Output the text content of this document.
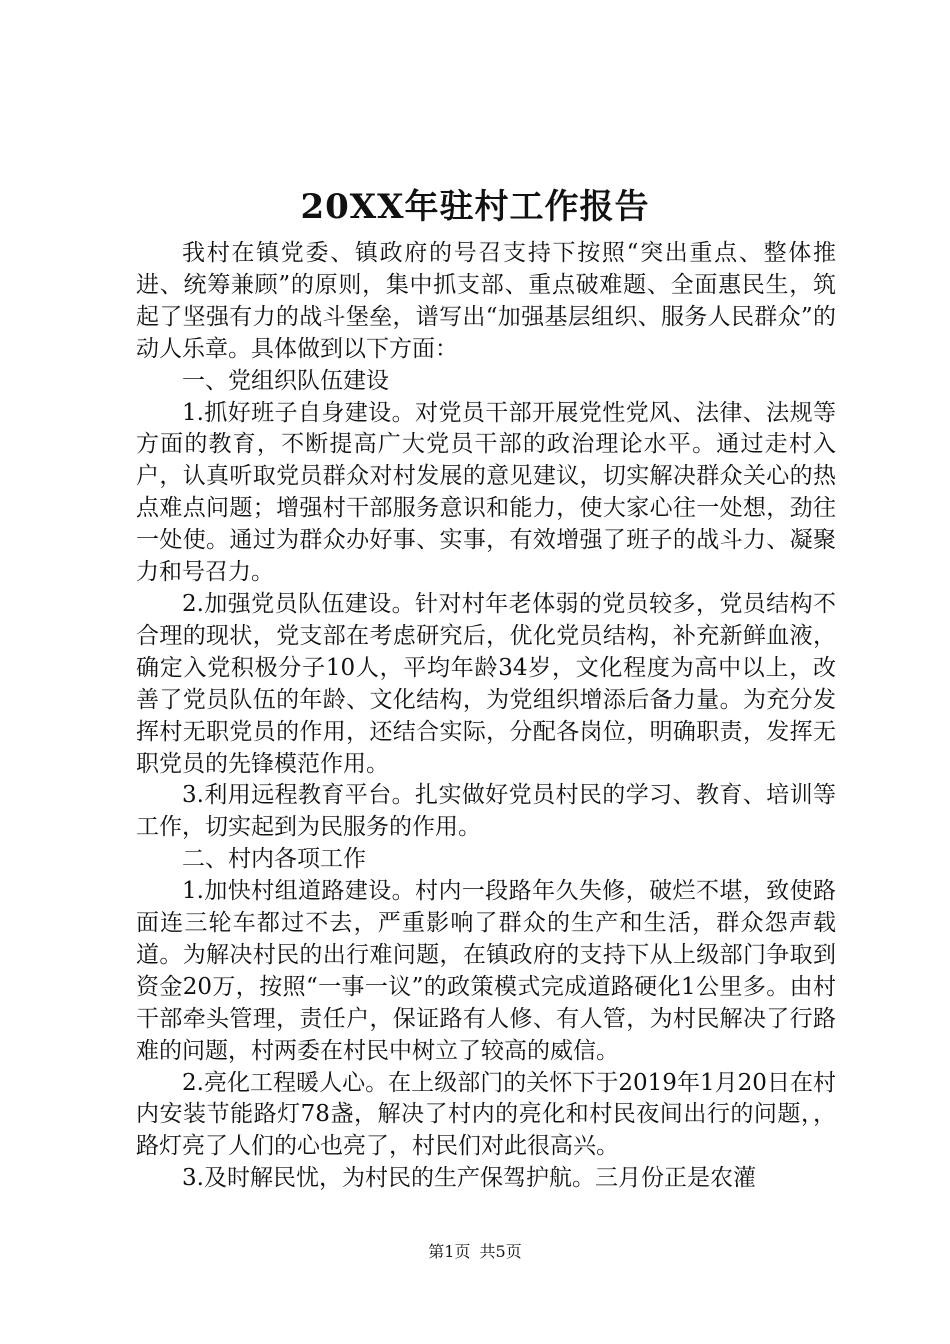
20XX年驻村工作报告

我村在镇党委、镇政府的号召支持下按照“突出重点、整体推进、统筹兼顾”的原则，集中抓支部、重点破难题、全面惠民生，筑起了坚强有力的战斗堡垒，谱写出“加强基层组织、服务人民群众”的动人乐章。具体做到以下方面：

一、党组织队伍建设

1.抓好班子自身建设。对党员干部开展党性党风、法律、法规等方面的教育，不断提高广大党员干部的政治理论水平。通过走村入户，认真听取党员群众对村发展的意见建议，切实解决群众关心的热点难点问题；增强村干部服务意识和能力，使大家心往一处想，劲往一处使。通过为群众办好事、实事，有效增强了班子的战斗力、凝聚力和号召力。

2.加强党员队伍建设。针对村年老体弱的党员较多，党员结构不合理的现状，党支部在考虑研究后，优化党员结构，补充新鲜血液，确定入党积极分子10人，平均年龄34岁，文化程度为高中以上，改善了党员队伍的年龄、文化结构，为党组织增添后备力量。为充分发挥村无职党员的作用，还结合实际，分配各岗位，明确职责，发挥无职党员的先锋模范作用。

3.利用远程教育平台。扎实做好党员村民的学习、教育、培训等工作，切实起到为民服务的作用。

二、村内各项工作

1.加快村组道路建设。村内一段路年久失修，破烂不堪，致使路面连三轮车都过不去，严重影响了群众的生产和生活，群众怨声载道。为解决村民的出行难问题，在镇政府的支持下从上级部门争取到资金20万，按照“一事一议”的政策模式完成道路硬化1公里多。由村干部牵头管理，责任户，保证路有人修、有人管，为村民解决了行路难的问题，村两委在村民中树立了较高的威信。

2.亮化工程暖人心。在上级部门的关怀下于2019年1月20日在村内安装节能路灯78盏，解决了村内的亮化和村民夜间出行的问题，，路灯亮了人们的心也亮了，村民们对此很高兴。

3.及时解民忧，为村民的生产保驾护航。三月份正是农灌

第1页 共5页
